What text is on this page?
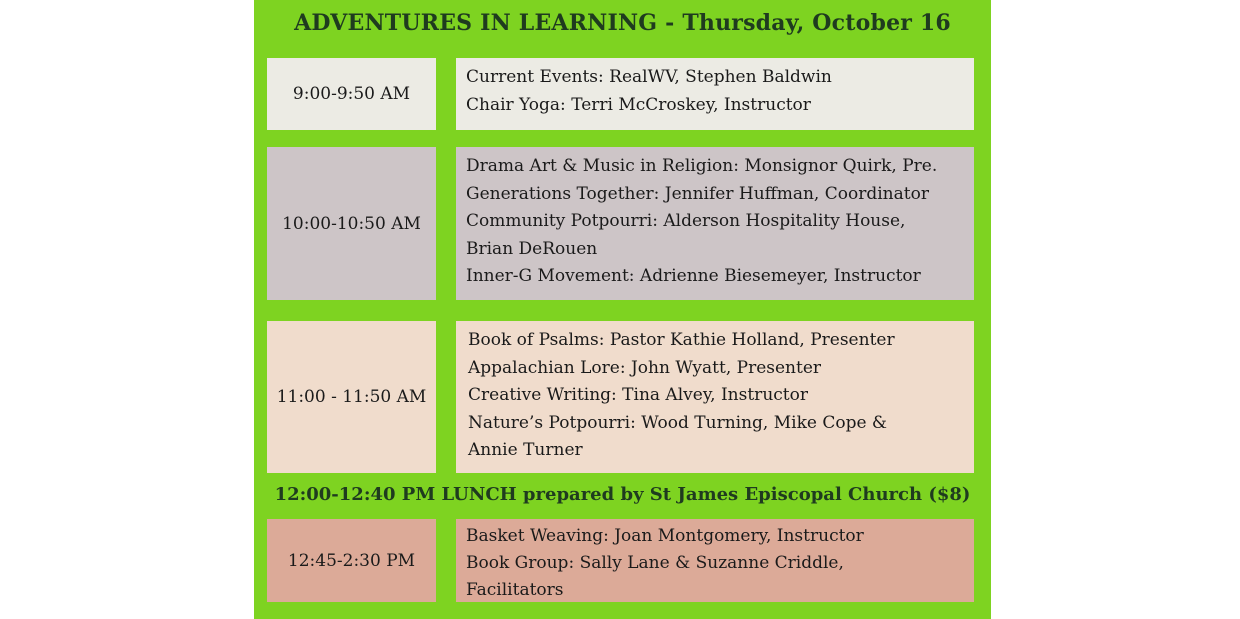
ADVENTURES IN LEARNING - Thursday, October 16
9:00-9:50 AM
Current Events: RealWV, Stephen Baldwin
Chair Yoga: Terri McCroskey, Instructor
10:00-10:50 AM
Drama Art & Music in Religion: Monsignor Quirk, Pre.
Generations Together: Jennifer Huffman, Coordinator
Community Potpourri: Alderson Hospitality House,
Brian DeRouen
Inner-G Movement: Adrienne Biesemeyer, Instructor
11:00 - 11:50 AM
Book of Psalms: Pastor Kathie Holland, Presenter
Appalachian Lore: John Wyatt, Presenter
Creative Writing: Tina Alvey, Instructor
Nature’s Potpourri: Wood Turning, Mike Cope &
Annie Turner
12:00-12:40 PM LUNCH prepared by St James Episcopal Church ($8)
12:45-2:30 PM
Basket Weaving: Joan Montgomery, Instructor
Book Group: Sally Lane & Suzanne Criddle,
Facilitators
